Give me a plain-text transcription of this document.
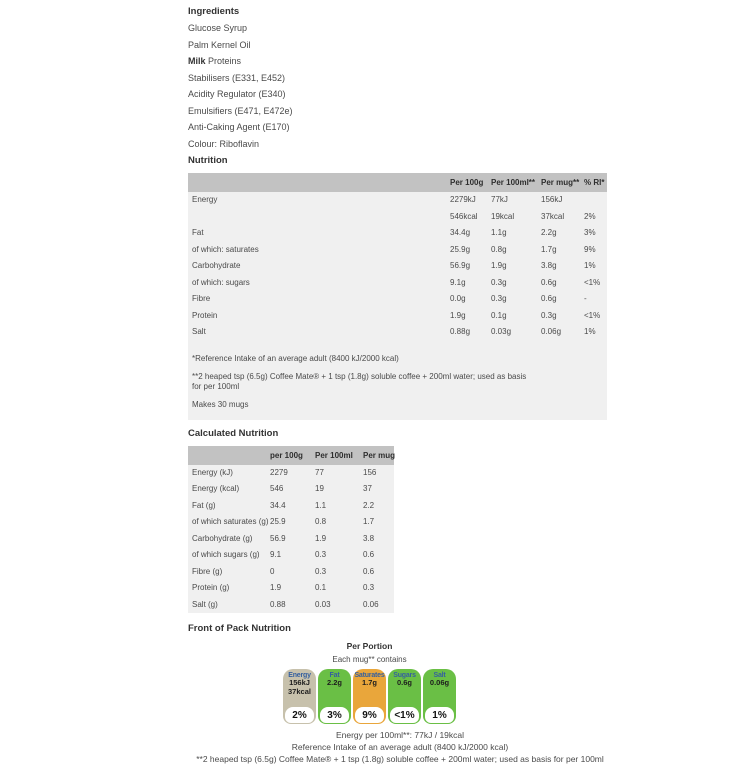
Ingredients
Glucose Syrup
Palm Kernel Oil
Milk Proteins
Stabilisers (E331, E452)
Acidity Regulator (E340)
Emulsifiers (E471, E472e)
Anti-Caking Agent (E170)
Colour: Riboflavin
Nutrition
	Per 100g	Per 100ml**	Per mug**	% RI*
Energy	2279kJ	77kJ	156kJ	
	546kcal	19kcal	37kcal	2%
Fat	34.4g	1.1g	2.2g	3%
of which: saturates	25.9g	0.8g	1.7g	9%
Carbohydrate	56.9g	1.9g	3.8g	1%
of which: sugars	9.1g	0.3g	0.6g	<1%
Fibre	0.0g	0.3g	0.6g	-
Protein	1.9g	0.1g	0.3g	<1%
Salt	0.88g	0.03g	0.06g	1%

*Reference Intake of an average adult (8400 kJ/2000 kcal)
**2 heaped tsp (6.5g) Coffee Mate® + 1 tsp (1.8g) soluble coffee + 200ml water; used as basis for per 100ml
Makes 30 mugs				
Calculated Nutrition
	per 100g	Per 100ml	Per mug
Energy (kJ)	2279	77	156
Energy (kcal)	546	19	37
Fat (g)	34.4	1.1	2.2
of which saturates (g)	25.9	0.8	1.7
Carbohydrate (g)	56.9	1.9	3.8
of which sugars (g)	9.1	0.3	0.6
Fibre (g)	0	0.3	0.6
Protein (g)	1.9	0.1	0.3
Salt (g)	0.88	0.03	0.06
Front of Pack Nutrition
Per Portion
Each mug** contains
Energy
156kJ
37kcal
2%
Fat
2.2g
3%
Saturates
1.7g
9%
Sugars
0.6g
<1%
Salt
0.06g
1%
Energy per 100ml**: 77kJ / 19kcal
Reference Intake of an average adult (8400 kJ/2000 kcal)
**2 heaped tsp (6.5g) Coffee Mate® + 1 tsp (1.8g) soluble coffee + 200ml water; used as basis for per 100ml
